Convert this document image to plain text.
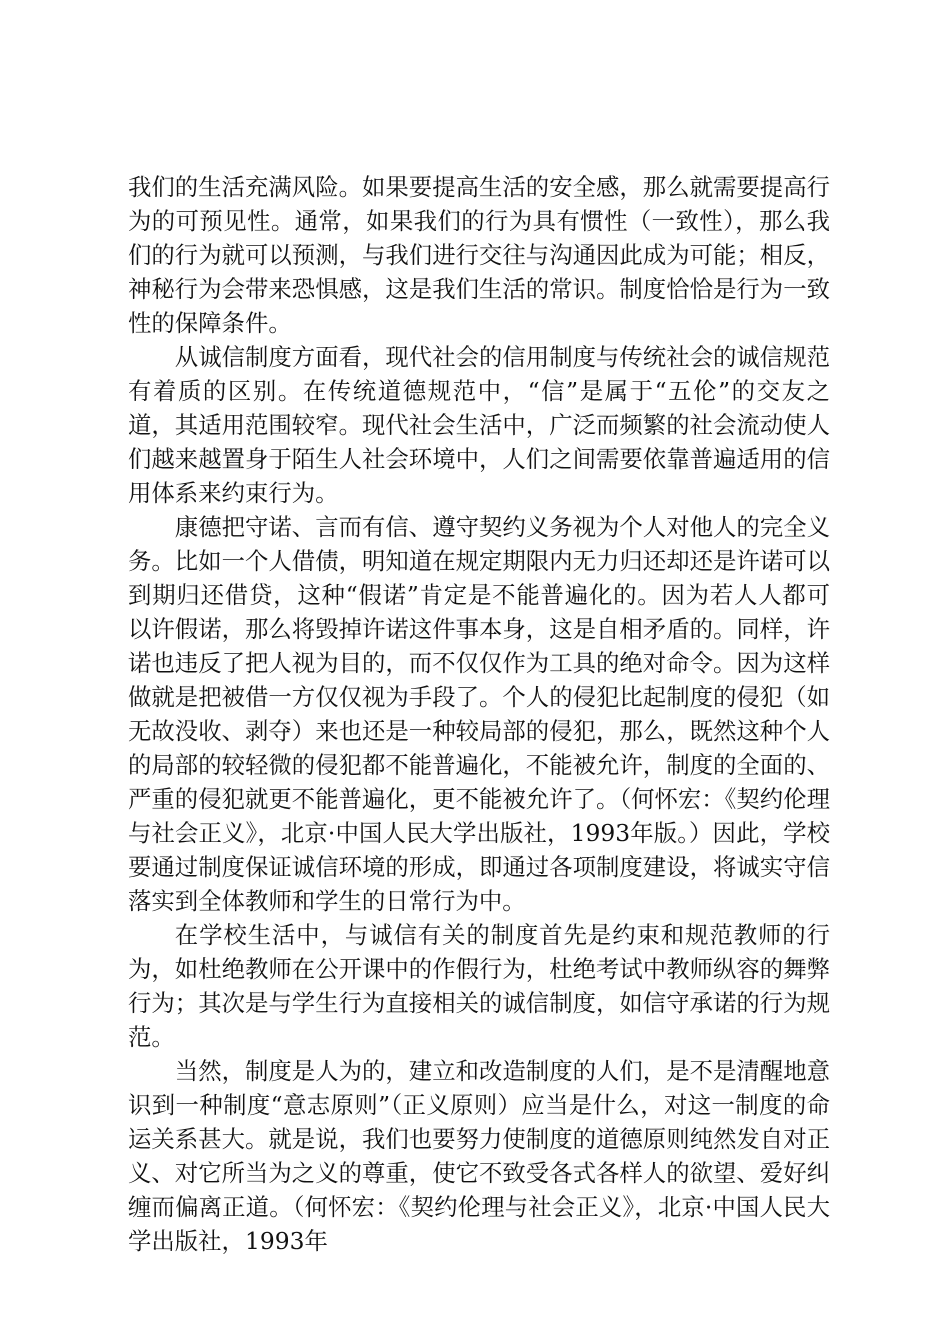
我们的生活充满风险。如果要提高生活的安全感，那么就需要提高行为的可预见性。通常，如果我们的行为具有惯性（一致性），那么我们的行为就可以预测，与我们进行交往与沟通因此成为可能；相反，神秘行为会带来恐惧感，这是我们生活的常识。制度恰恰是行为一致性的保障条件。

从诚信制度方面看，现代社会的信用制度与传统社会的诚信规范有着质的区别。在传统道德规范中，“信”是属于“五伦”的交友之道，其适用范围较窄。现代社会生活中，广泛而频繁的社会流动使人们越来越置身于陌生人社会环境中，人们之间需要依靠普遍适用的信用体系来约束行为。

康德把守诺、言而有信、遵守契约义务视为个人对他人的完全义务。比如一个人借债，明知道在规定期限内无力归还却还是许诺可以到期归还借贷，这种“假诺”肯定是不能普遍化的。因为若人人都可以许假诺，那么将毁掉许诺这件事本身，这是自相矛盾的。同样，许诺也违反了把人视为目的，而不仅仅作为工具的绝对命令。因为这样做就是把被借一方仅仅视为手段了。个人的侵犯比起制度的侵犯（如无故没收、剥夺）来也还是一种较局部的侵犯，那么，既然这种个人的局部的较轻微的侵犯都不能普遍化，不能被允许，制度的全面的、严重的侵犯就更不能普遍化，更不能被允许了。（何怀宏：《契约伦理与社会正义》，北京·中国人民大学出版社，1993年版。）因此，学校要通过制度保证诚信环境的形成，即通过各项制度建设，将诚实守信落实到全体教师和学生的日常行为中。

在学校生活中，与诚信有关的制度首先是约束和规范教师的行为，如杜绝教师在公开课中的作假行为，杜绝考试中教师纵容的舞弊行为；其次是与学生行为直接相关的诚信制度，如信守承诺的行为规范。

当然，制度是人为的，建立和改造制度的人们，是不是清醒地意识到一种制度“意志原则”（正义原则）应当是什么，对这一制度的命运关系甚大。就是说，我们也要努力使制度的道德原则纯然发自对正义、对它所当为之义的尊重，使它不致受各式各样人的欲望、爱好纠缠而偏离正道。（何怀宏：《契约伦理与社会正义》，北京·中国人民大学出版社，1993年
